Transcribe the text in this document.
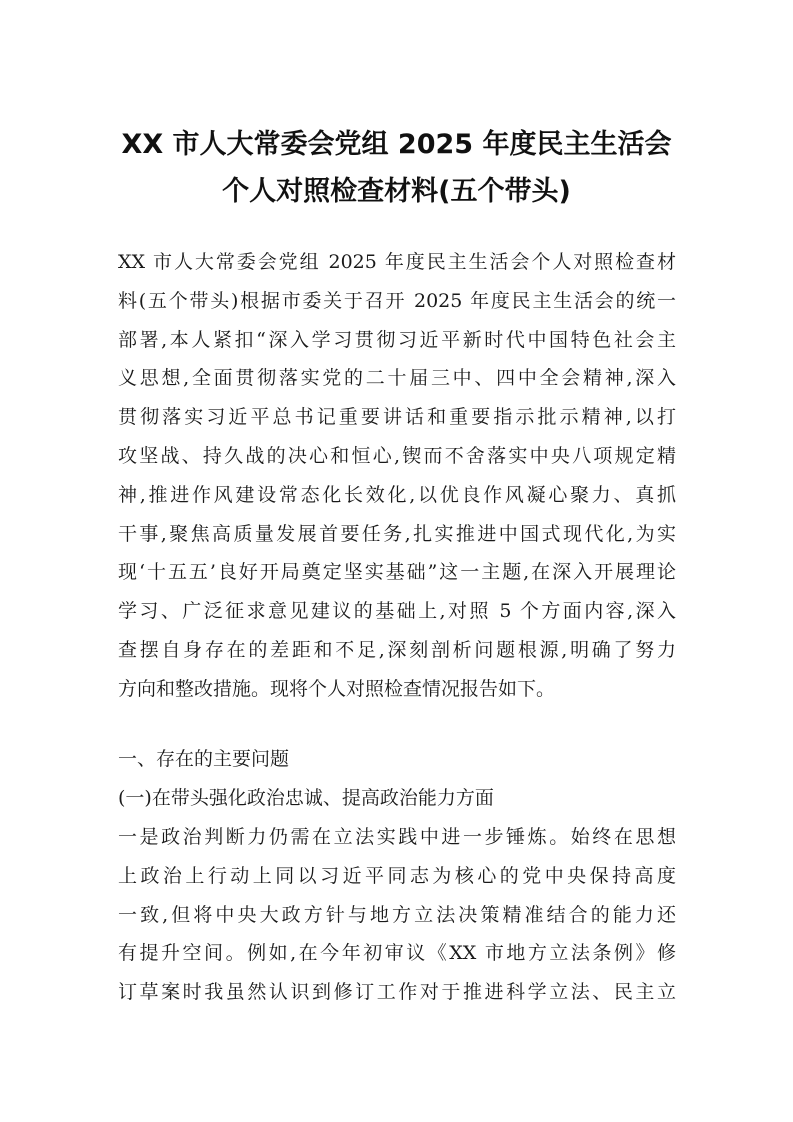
XX 市人大常委会党组 2025 年度民主生活会
个人对照检查材料(五个带头)
XX 市人大常委会党组 2025 年度民主生活会个人对照检查材
料(五个带头)根据市委关于召开 2025 年度民主生活会的统一
部署,本人紧扣“深入学习贯彻习近平新时代中国特色社会主
义思想,全面贯彻落实党的二十届三中、四中全会精神,深入
贯彻落实习近平总书记重要讲话和重要指示批示精神,以打
攻坚战、持久战的决心和恒心,锲而不舍落实中央八项规定精
神,推进作风建设常态化长效化,以优良作风凝心聚力、真抓
干事,聚焦高质量发展首要任务,扎实推进中国式现代化,为实
现‘十五五’良好开局奠定坚实基础”这一主题,在深入开展理论
学习、广泛征求意见建议的基础上,对照 5 个方面内容,深入
查摆自身存在的差距和不足,深刻剖析问题根源,明确了努力
方向和整改措施。现将个人对照检查情况报告如下。
一、存在的主要问题
(一)在带头强化政治忠诚、提高政治能力方面
一是政治判断力仍需在立法实践中进一步锤炼。始终在思想
上政治上行动上同以习近平同志为核心的党中央保持高度
一致,但将中央大政方针与地方立法决策精准结合的能力还
有提升空间。例如,在今年初审议《XX 市地方立法条例》修
订草案时我虽然认识到修订工作对于推进科学立法、民主立
